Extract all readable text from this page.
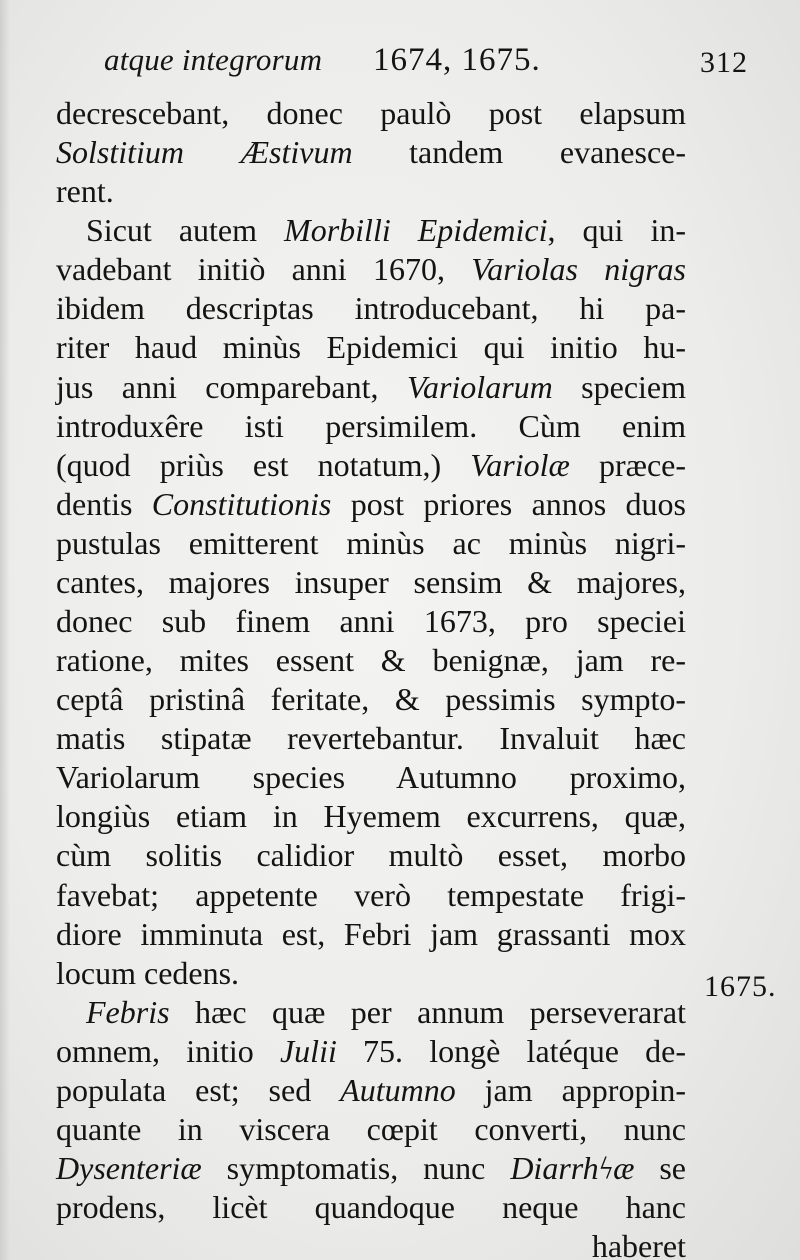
atque integrorum 1674, 1675.	312
decrescebant, donec paulò post elapsum
Solstitium Æstivum tandem evanesce-
rent.
Sicut autem Morbilli Epidemici, qui in-
vadebant initiò anni 1670, Variolas nigras
ibidem descriptas introducebant, hi pa-
riter haud minùs Epidemici qui initio hu-
jus anni comparebant, Variolarum speciem
introduxêre isti persimilem. Cùm enim
(quod priùs est notatum,) Variolæ præce-
dentis Constitutionis post priores annos duos
pustulas emitterent minùs ac minùs nigri-
cantes, majores insuper sensim & majores,
donec sub finem anni 1673, pro speciei
ratione, mites essent & benignæ, jam re-
ceptâ pristinâ feritate, & pessimis sympto-
matis stipatæ revertebantur. Invaluit hæc
Variolarum species Autumno proximo,
longiùs etiam in Hyemem excurrens, quæ,
cùm solitis calidior multò esset, morbo
favebat; appetente verò tempestate frigi-
diore imminuta est, Febri jam grassanti mox
locum cedens.
Febris hæc quæ per annum perseverarat
omnem, initio Julii 75. longè latéque de-
populata est; sed Autumno jam appropin-
quante in viscera cœpit converti, nunc
Dysenteriæ symptomatis, nunc Diarrhϟæ se
prodens, licèt quandoque neque hanc
haberet
1675.
